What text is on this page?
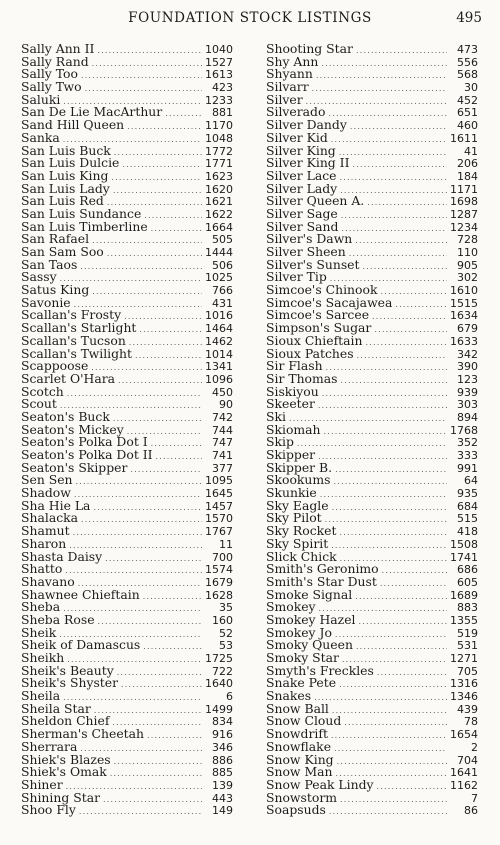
FOUNDATION STOCK LISTINGS	495
Sally Ann II .....	1040
Sally Rand .....	1527
Sally Too .....	1613
Sally Two .....	423
Saluki .....	1233
San De Lie MacArthur .....	881
Sand Hill Queen .....	1170
Sanka .....	1048
San Luis Buck .....	1772
San Luis Dulcie .....	1771
San Luis King .....	1623
San Luis Lady .....	1620
San Luis Red .....	1621
San Luis Sundance .....	1622
San Luis Timberline .....	1664
San Rafael .....	505
San Sam Soo .....	1444
San Taos .....	506
Sassy .....	1025
Satus King .....	766
Savonie .....	431
Scallan's Frosty .....	1016
Scallan's Starlight .....	1464
Scallan's Tucson .....	1462
Scallan's Twilight .....	1014
Scappoose .....	1341
Scarlet O'Hara .....	1096
Scotch .....	450
Scout .....	90
Seaton's Buck .....	742
Seaton's Mickey .....	744
Seaton's Polka Dot I .....	747
Seaton's Polka Dot II .....	741
Seaton's Skipper .....	377
Sen Sen .....	1095
Shadow .....	1645
Sha Hie La .....	1457
Shalacka .....	1570
Shamut .....	1767
Sharon .....	11
Shasta Daisy .....	700
Shatto .....	1574
Shavano .....	1679
Shawnee Chieftain .....	1628
Sheba .....	35
Sheba Rose .....	160
Sheik .....	52
Sheik of Damascus .....	53
Sheikh .....	1725
Sheik's Beauty .....	722
Sheik's Shyster .....	1640
Sheila .....	6
Sheila Star .....	1499
Sheldon Chief .....	834
Sherman's Cheetah .....	916
Sherrara .....	346
Shiek's Blazes .....	886
Shiek's Omak .....	885
Shiner .....	139
Shining Star .....	443
Shoo Fly .....	149
Shooting Star .....	473
Shy Ann .....	556
Shyann .....	568
Silvarr .....	30
Silver .....	452
Silverado .....	651
Silver Dandy .....	460
Silver Kid .....	1611
Silver King .....	41
Silver King II .....	206
Silver Lace .....	184
Silver Lady .....	1171
Silver Queen A. .....	1698
Silver Sage .....	1287
Silver Sand .....	1234
Silver's Dawn .....	728
Silver Sheen .....	110
Silver's Sunset .....	905
Silver Tip .....	302
Simcoe's Chinook .....	1610
Simcoe's Sacajawea .....	1515
Simcoe's Sarcee .....	1634
Simpson's Sugar .....	679
Sioux Chieftain .....	1633
Sioux Patches .....	342
Sir Flash .....	390
Sir Thomas .....	123
Siskiyou .....	939
Skeeter .....	303
Ski .....	894
Skiomah .....	1768
Skip .....	352
Skipper .....	333
Skipper B. .....	991
Skookums .....	64
Skunkie .....	935
Sky Eagle .....	684
Sky Pilot .....	515
Sky Rocket .....	418
Sky Spirit .....	1508
Slick Chick .....	1741
Smith's Geronimo .....	686
Smith's Star Dust .....	605
Smoke Signal .....	1689
Smokey .....	883
Smokey Hazel .....	1355
Smokey Jo .....	519
Smoky Queen .....	531
Smoky Star .....	1271
Smyth's Freckles .....	705
Snake Pete .....	1316
Snakes .....	1346
Snow Ball .....	439
Snow Cloud .....	78
Snowdrift .....	1654
Snowflake .....	2
Snow King .....	704
Snow Man .....	1641
Snow Peak Lindy .....	1162
Snowstorm .....	7
Soapsuds .....	86
